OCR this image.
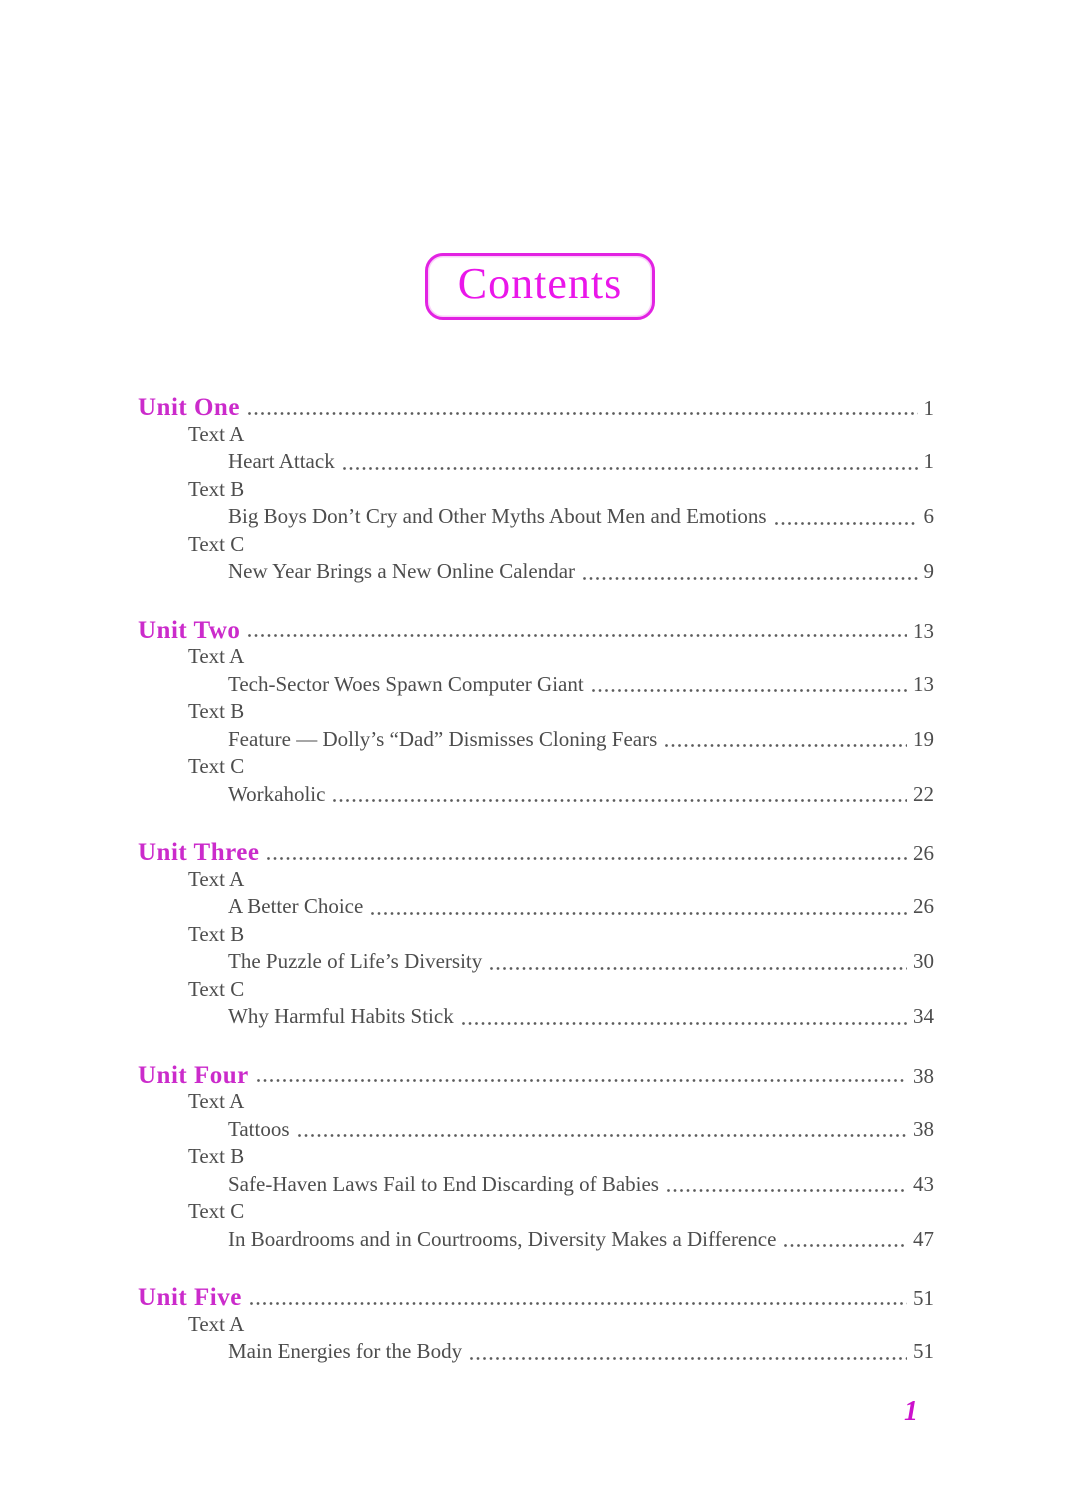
Contents
Unit One	1
Text A
Heart Attack	1
Text B
Big Boys Don’t Cry and Other Myths About Men and Emotions	6
Text C
New Year Brings a New Online Calendar	9
Unit Two	13
Text A
Tech-Sector Woes Spawn Computer Giant	13
Text B
Feature — Dolly’s “Dad” Dismisses Cloning Fears	19
Text C
Workaholic	22
Unit Three	26
Text A
A Better Choice	26
Text B
The Puzzle of Life’s Diversity	30
Text C
Why Harmful Habits Stick	34
Unit Four	38
Text A
Tattoos	38
Text B
Safe-Haven Laws Fail to End Discarding of Babies	43
Text C
In Boardrooms and in Courtrooms, Diversity Makes a Difference	47
Unit Five	51
Text A
Main Energies for the Body	51
1
